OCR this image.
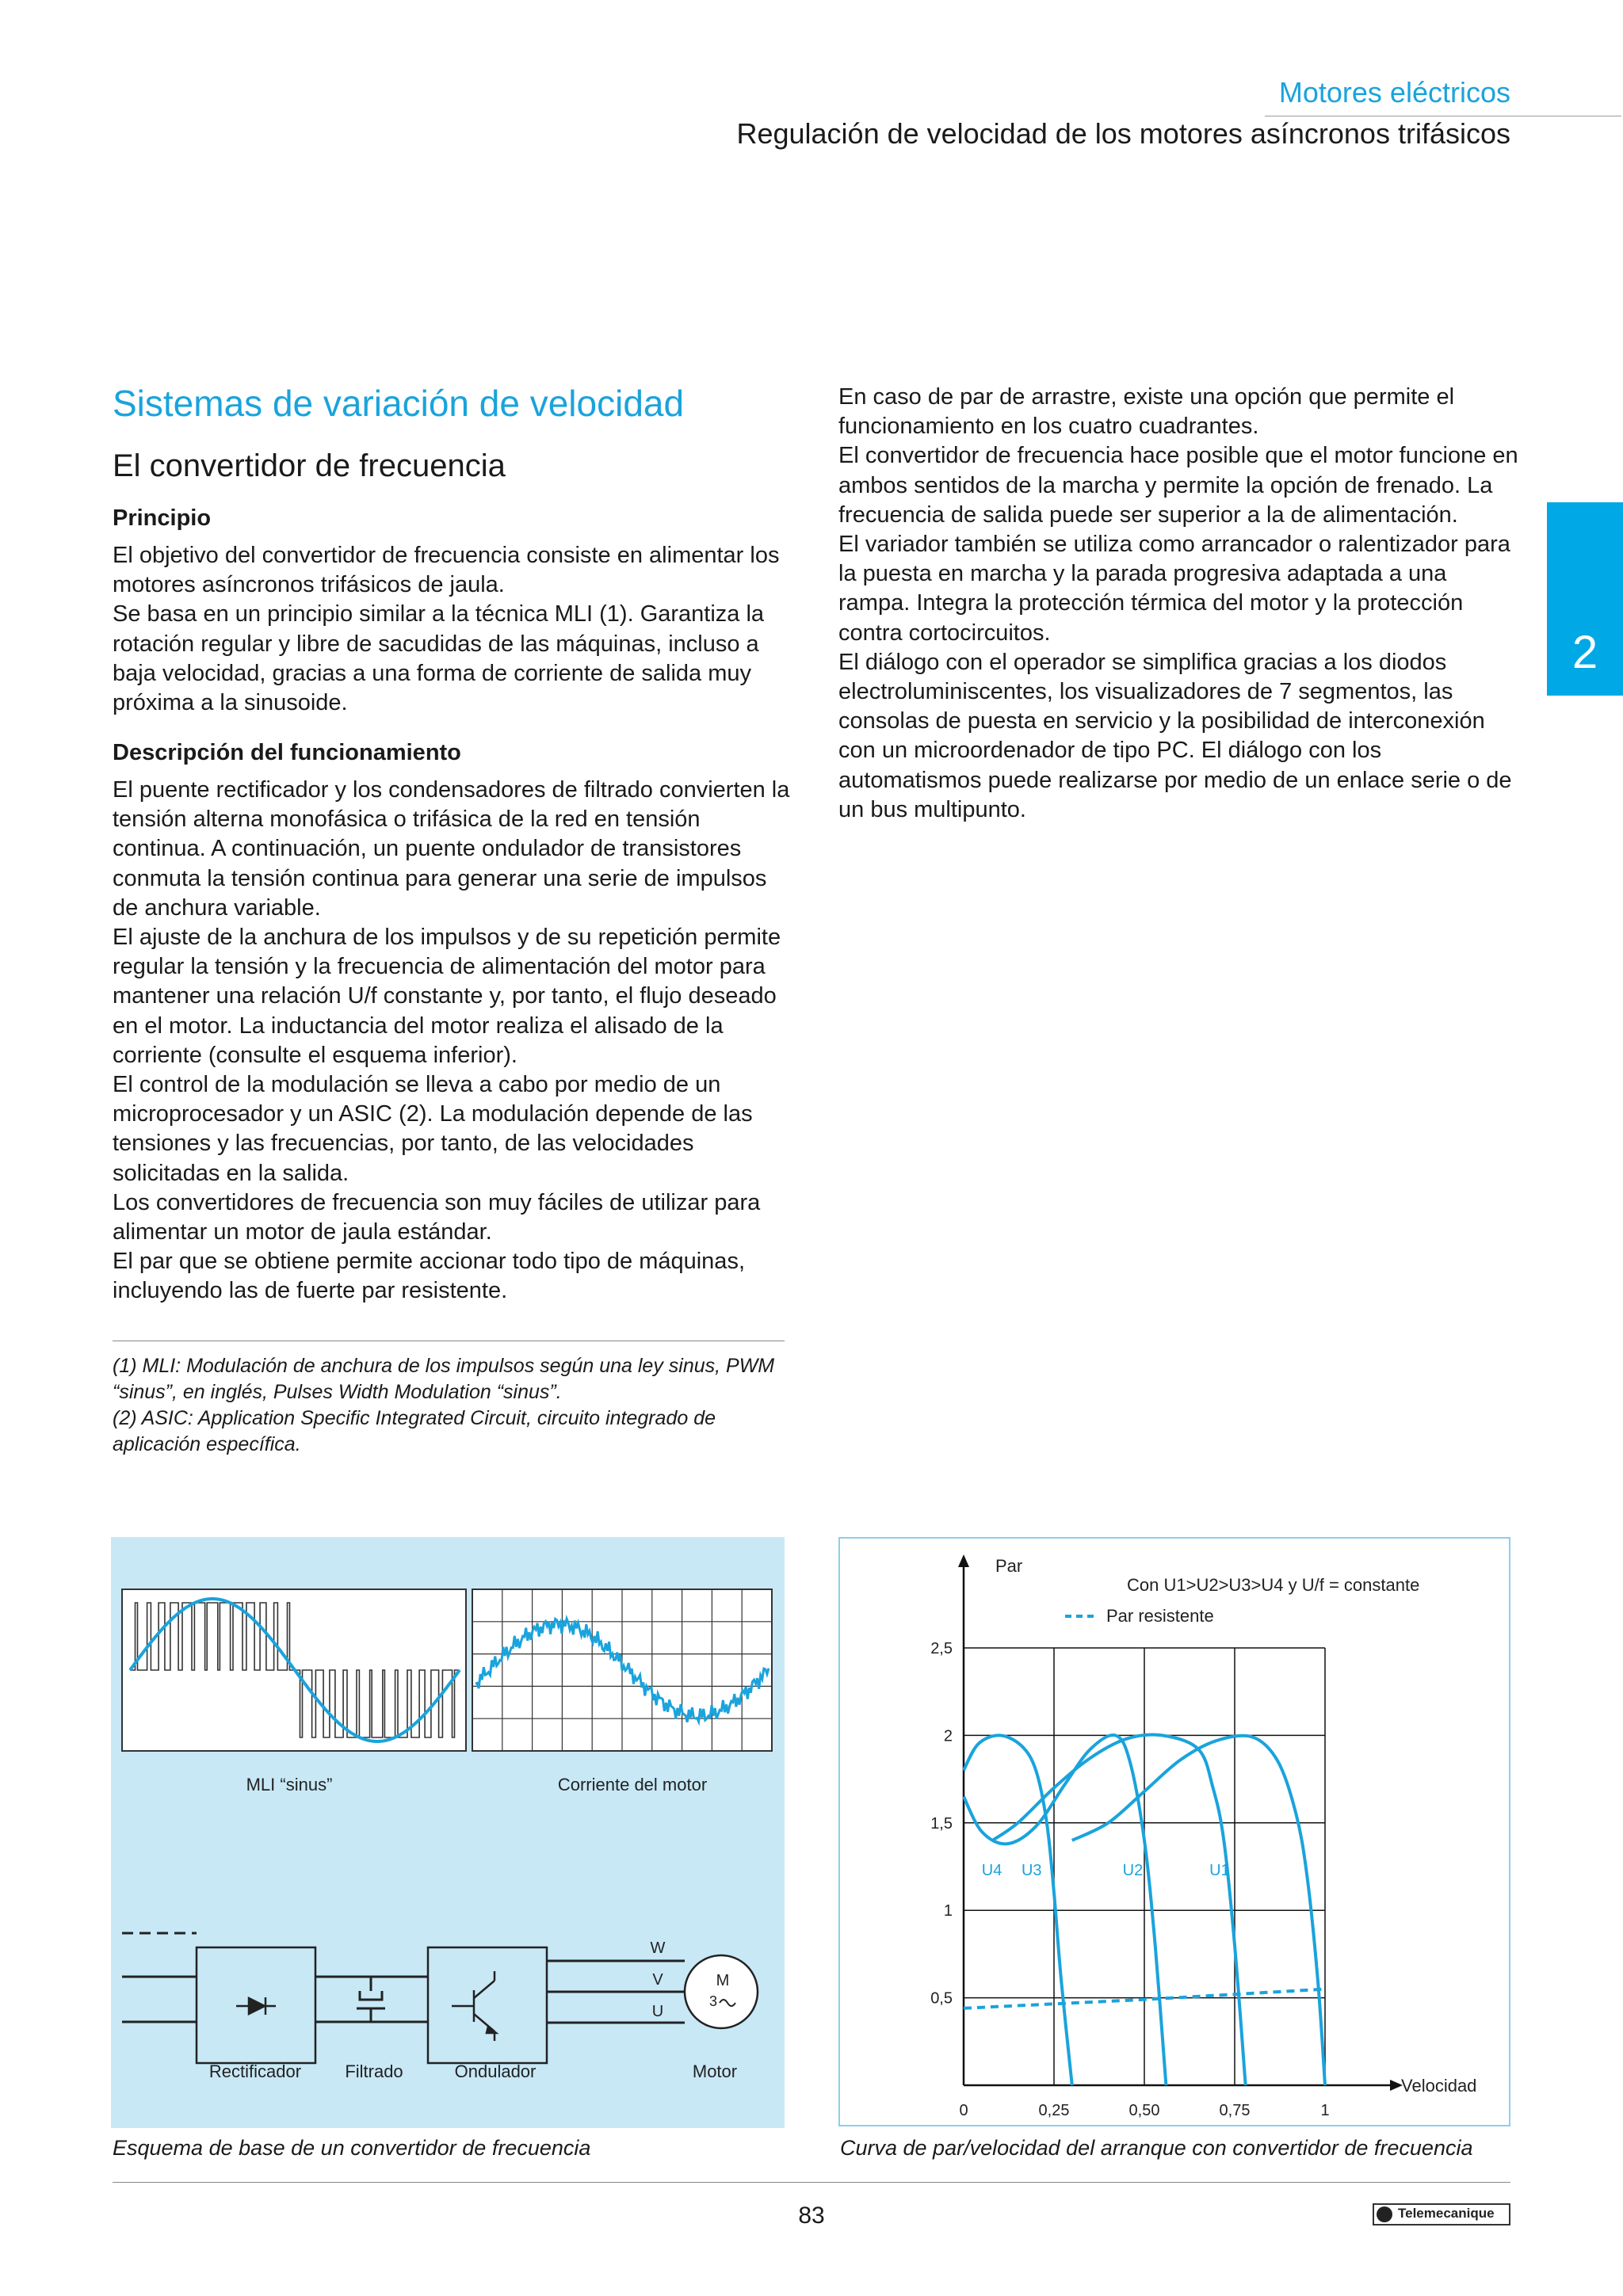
Motores eléctricos
Regulación de velocidad de los motores asíncronos trifásicos
2
Sistemas de variación de velocidad
El convertidor de frecuencia
Principio

El objetivo del convertidor de frecuencia consiste en alimentar los motores asíncronos trifásicos de jaula.

Se basa en un principio similar a la técnica MLI (1). Garantiza la rotación regular y libre de sacudidas de las máquinas, incluso a baja velocidad, gracias a una forma de corriente de salida muy próxima a la sinusoide.

Descripción del funcionamiento

El puente rectificador y los condensadores de filtrado convierten la tensión alterna monofásica o trifásica de la red en tensión continua. A continuación, un puente ondulador de transistores conmuta la tensión continua para generar una serie de impulsos de anchura variable.

El ajuste de la anchura de los impulsos y de su repetición permite regular la tensión y la frecuencia de alimentación del motor para mantener una relación U/f constante y, por tanto, el flujo deseado en el motor. La inductancia del motor realiza el alisado de la corriente (consulte el esquema inferior).

El control de la modulación se lleva a cabo por medio de un microprocesador y un ASIC (2). La modulación depende de las tensiones y las frecuencias, por tanto, de las velocidades solicitadas en la salida.

Los convertidores de frecuencia son muy fáciles de utilizar para alimentar un motor de jaula estándar.

El par que se obtiene permite accionar todo tipo de máquinas, incluyendo las de fuerte par resistente.

En caso de par de arrastre, existe una opción que permite el funcionamiento en los cuatro cuadrantes.

El convertidor de frecuencia hace posible que el motor funcione en ambos sentidos de la marcha y permite la opción de frenado. La frecuencia de salida puede ser superior a la de alimentación.

El variador también se utiliza como arrancador o ralentizador para la puesta en marcha y la parada progresiva adaptada a una rampa. Integra la protección térmica del motor y la protección contra cortocircuitos.

El diálogo con el operador se simplifica gracias a los diodos electroluminiscentes, los visualizadores de 7 segmentos, las consolas de puesta en servicio y la posibilidad de interconexión con un microordenador de tipo PC. El diálogo con los automatismos puede realizarse por medio de un enlace serie o de un bus multipunto.

(1) MLI: Modulación de anchura de los impulsos según una ley sinus, PWM “sinus”, en inglés, Pulses Width Modulation “sinus”.

(2) ASIC: Application Specific Integrated Circuit, circuito integrado de aplicación específica.

MLI “sinus”	Corriente del motor
W
V
U
M
3
Rectificador	Filtrado	Ondulador	Motor
Esquema de base de un convertidor de frecuencia
U4 U3	U2	U1
0	0,25	0,50	0,75	1
0,5
1
1,5
2
2,5
Par
Velocidad
Con U1>U2>U3>U4 y U/f = constante
Par resistente
Curva de par/velocidad del arranque con convertidor de frecuencia
83	Telemecanique
